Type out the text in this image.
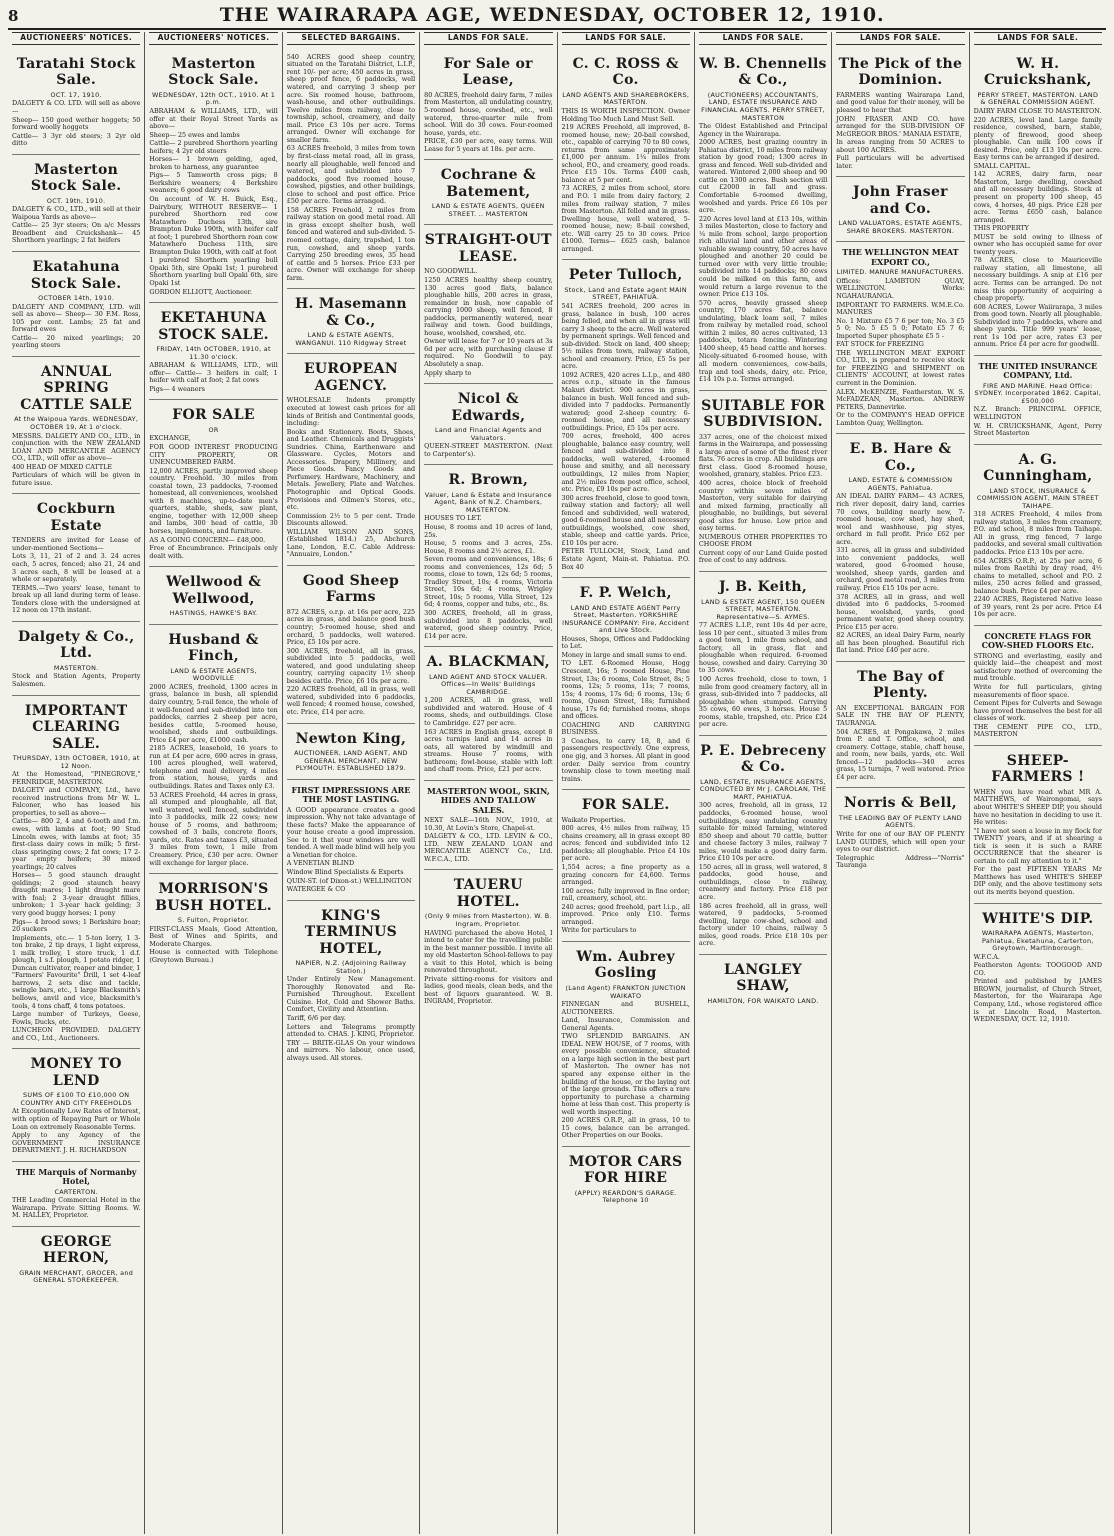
8	THE WAIRARAPA AGE, WEDNESDAY, OCTOBER 12, 1910.
AUCTIONEERS' NOTICES.
Taratahi Stock Sale.
OCT. 17, 1910.

DALGETY & CO. LTD. will sell as above—

Sheep— 150 good wether hoggets; 50 forward woolly hoggets

Cattle— 3 3yr old steers; 3 2yr old ditto

Masterton Stock Sale.
OCT. 19th, 1910.

DALGETY & CO., LTD., will sell at their Waipoua Yards as above—

Cattle— 25 3yr steers; On a/c Messrs Broadbent and Cruickshank— 45 Shorthorn yearlings; 2 fat heifers

Ekatahuna Stock Sale.
OCTOBER 14th, 1910.

DALGETY AND COMPANY, LTD. will sell as above— Sheep— 30 F.M. Ross, 105 per cent. Lambs; 25 fat and forward ewes

Cattle— 20 mixed yearlings; 20 yearling steers

ANNUAL SPRING CATTLE SALE
At the Waipoua Yards. WEDNESDAY, OCTOBER 19, At 1 o'clock.

MESSRS. DALGETY AND CO., LTD., in conjunction with the NEW ZEALAND LOAN AND MERCANTILE AGENCY CO., LTD., will offer as above—

400 HEAD OF MIXED CATTLE

Particulars of which will be given in future issue.

Cockburn Estate

TENDERS are invited for Lease of under-mentioned Sections—

Lots 3, 11, 21 of 2 and 3. 24 acres each, 5 acres, fenced; also 21, 24 and 3 acres each, 8 will be leased at a whole or separately.

TERMS.—Two years' lease, tenant to break up all land during term of lease. Tenders close with the undersigned at 12 noon on 17th instant.

Dalgety & Co., Ltd.
MASTERTON.

Stock and Station Agents, Property Salesmen.

IMPORTANT CLEARING SALE.
THURSDAY, 13th OCTOBER, 1910, at 12 Noon.

At the Homestead, "PINEGROVE," FERNRIDGE, MASTERTON.

DALGETY and COMPANY, Ltd., have received instructions from Mr W. L. Falconer, who has leased his properties, to sell as above—

Cattle— 800 2, 4 and 6-tooth and f.m. ewes, with lambs at foot; 90 Stud Lincoln ewes, with lambs at foot; 35 first-class dairy cows in milk; 5 first-class springing cows; 2 fat cows; 17 2-year empty heifers; 30 mixed yearlings; 20 calves

Horses— 5 good staunch draught geldings; 2 good staunch heavy draught mares; 1 light draught mare with foal; 2 3-year draught fillies, unbroken; 1 3-year hack gelding; 3 very good buggy horses; 1 pony

Pigs— 4 brood sows; 1 Berkshire boar; 20 suckers

Implements, etc.— 1 5-ton lorry, 1 3-ton brake, 2 tip drays, 1 light express, 1 milk trolley, 1 store truck, 1 d.f. plough, 1 s.f. plough, 1 potato ridger, 1 Duncan cultivator, reaper and binder, 1 "Farmers' Favourite" Drill, 1 set 4-leaf harrows, 2 sets disc and tackle, swingle bars, etc., 1 large Blacksmith's bellows, anvil and vice, blacksmith's tools, 4 tons chaff, 4 tons potatoes.

Large number of Turkeys, Geese, Fowls, Ducks, etc.

LUNCHEON PROVIDED. DALGETY and CO., Ltd., Auctioneers.

MONEY TO LEND
SUMS OF £100 TO £10,000 ON COUNTRY AND CITY FREEHOLDS

At Exceptionally Low Rates of Interest, with option of Repaying Part or Whole Loan on extremely Reasonable Terms.

Apply to any Agency of the GOVERNMENT INSURANCE DEPARTMENT. J. H. RICHARDSON

THE Marquis of Normanby Hotel,
CARTERTON.

THE Leading Commercial Hotel in the Wairarapa. Private Sitting Rooms. W. M. HALLEY, Proprietor.

GEORGE HERON,
GRAIN MERCHANT, GROCER, and GENERAL STOREKEEPER.
AUCTIONEERS' NOTICES.
Masterton Stock Sale.
WEDNESDAY, 12th OCT., 1910. At 1 p.m.

ABRAHAM & WILLIAMS, LTD., will offer at their Royal Street Yards as above—

Sheep— 25 ewes and lambs

Cattle— 2 purebred Shorthorn yearling heifers; 4 2yr old steers

Horses— 1 brown gelding, aged, broken to harness, any guarantee

Pigs— 5 Tamworth cross pigs; 8 Berkshire weaners; 4 Berkshire weaners; 6 good dairy cows

On account of W. H. Buick, Esq., Dairybury, WITHOUT RESERVE— 1 purebred Shorthorn red cow Matawhero Duchess 13th, sire Brampton Duke 190th, with heifer calf at foot; 1 purebred Shorthorn roan cow Matawhero Duchess 11th, sire Brampton Duke 190th, with calf at foot

1 purebred Shorthorn yearling bull Opaki 5th, sire Opaki 1st; 1 purebred Shorthorn yearling bull Opaki 6th, sire Opaki 1st

GORDON ELLIOTT, Auctioneer.

EKETAHUNA STOCK SALE.
FRIDAY, 14th OCTOBER, 1910, at 11.30 o'clock.

ABRAHAM & WILLIAMS, LTD., will offer— Cattle— 3 heifers in calf; 1 heifer with calf at foot; 2 fat cows

Pigs— 4 weaners

FOR SALE
OR

EXCHANGE,

FOR GOOD INTEREST PRODUCING CITY PROPERTY, OR UNENCUMBERED FARM.

12,000 ACRES, partly improved sheep country. Freehold. 30 miles from coastal town, 23 paddocks, 7-roomed homestead, all conveniences, woolshed with 8 machines, up-to-date men's quarters, stable, sheds, saw plant, engine, together with 12,000 sheep and lambs, 300 head of cattle, 30 horses, implements, and furniture.

AS A GOING CONCERN— £48,000.

Free of Encumbrance. Principals only dealt with.

Wellwood & Wellwood,
HASTINGS, HAWKE'S BAY.
Husband & Finch,
LAND & ESTATE AGENTS, WOODVILLE

2000 ACRES, freehold, 1300 acres in grass, balance in bush, all splendid dairy country, 5-rail fence, the whole of it well-fenced and sub-divided into ten paddocks, carries 2 sheep per acre, besides cattle, 5-roomed house, woolshed, sheds and outbuildings. Price £4 per acre, £1000 cash.

2185 ACRES, leasehold, 16 years to run at £4 per acre, 690 acres in grass, 100 acres ploughed, well watered, telephone and mail delivery, 4 miles from station, house, yards and outbuildings. Rates and Taxes only £3.

53 ACRES Freehold, 44 acres in grass, all stumped and ploughable, all flat, well watered, well fenced, subdivided into 3 paddocks, milk 22 cows; new house of 5 rooms, and bathroom; cowshed of 3 bails, concrete floors, yards, etc. Rates and taxes £3, situated 3 miles from town, 1 mile from Creamery. Price, £30 per acre. Owner will exchange for larger place.

MORRISON'S BUSH HOTEL.
S. Fulton, Proprietor.

FIRST-CLASS Meals, Good Attention, Best of Wines and Spirits, and Moderate Charges.

House is connected with Telephone (Greytown Bureau.)

SELECTED BARGAINS.

540 ACRES good sheep country, situated on the Taratahi District, L.I.P., rent 10/- per acre; 450 acres in grass, sheep proof fence, 6 paddocks, well watered, and carrying 3 sheep per acre. Six roomed house, bathroom, wash-house, and other outbuildings. Twelve miles from railway, close to township, school, creamery, and daily mail. Price £3 10s per acre. Terms arranged. Owner will exchange for smaller farm.

63 ACRES freehold, 3 miles from town by first-class metal road, all in grass, nearly all ploughable, well fenced and watered, and subdivided into 7 paddocks, good five roomed house, cowshed, pigsties, and other buildings, close to school and post office. Price £50 per acre. Terms arranged.

158 ACRES Freehold, 2 miles from railway station on good metal road. All in grass except shelter bush, well fenced and watered and sub-divided. 5-roomed cottage, dairy, trapshed, 1 ton run, cowshed, and sheep yards. Carrying 250 breeding ewes, 35 head of cattle and 5 horses. Price £33 per acre. Owner will exchange for sheep farm.

H. Masemann & Co.,
LAND & ESTATE AGENTS, WANGANUI. 110 Ridgway Street
EUROPEAN AGENCY.

WHOLESALE Indents promptly executed at lowest cash prices for all kinds of British and Continental goods, including:

Books and Stationery. Boots, Shoes, and Leather. Chemicals and Druggists' Sundries. China, Earthenware and Glassware. Cycles, Motors and Accessories. Drapery, Millinery, and Piece Goods. Fancy Goods and Perfumery. Hardware, Machinery, and Metals. Jewellery, Plate and Watches. Photographic and Optical Goods. Provisions and Oilmen's Stores, etc., etc.

Commission 2½ to 5 per cent. Trade Discounts allowed.

WILLIAM WILSON AND SONS, (Established 1814.) 25, Abchurch Lane, London, E.C. Cable Address: "Annuaire, London."

Good Sheep Farms

872 ACRES, o.r.p. at 16s per acre, 225 acres in grass, and balance good bush country; 5-roomed house, shed and orchard, 5 paddocks, well watered. Price, £5 10s per acre.

300 ACRES, freehold, all in grass, subdivided into 5 paddocks, well watered, and good undulating sheep country, carrying capacity 1½ sheep besides cattle. Price, £6 10s per acre.

220 ACRES freehold, all in grass, well watered, subdivided into 6 paddocks, well fenced; 4 roomed house, cowshed, etc. Price, £14 per acre.

Newton King,
AUCTIONEER, LAND AGENT, AND GENERAL MERCHANT, NEW PLYMOUTH. ESTABLISHED 1879.
FIRST IMPRESSIONS ARE THE MOST LASTING.

A GOOD appearance creates a good impression. Why not take advantage of these facts? Make the appearance of your house create a good impression. See to it that your windows are well tended. A well made blind will help you a Venetian for choice.

A VENETIAN BLIND

Window Blind Specialists & Experts

QUIN-ST. (of Dixon-st.) WELLINGTON

WATERGEE & CO

KING'S TERMINUS HOTEL,
NAPIER, N.Z. (Adjoining Railway Station.)

Under Entirely New Management. Thoroughly Renovated and Re-Furnished Throughout. Excellent Cuisine. Hot, Cold and Shower Baths. Comfort, Civility and Attention.

Tariff, 6/6 per day.

Letters and Telegrams promptly attended to. CHAS. J. KING, Proprietor.

TRY — BRITE-GLAS On your windows and mirrors. No labour, once used, always used. All stores.

LANDS FOR SALE.
For Sale or Lease,

80 ACRES, freehold dairy farm, 7 miles from Masterton, all undulating country, 5-roomed house, cowshed, etc., well watered, three-quarter mile from school. Will do 30 cows. Four-roomed house, yards, etc.

PRICE, £30 per acre, easy terms. Will Lease for 5 years at 18s. per acre.

Cochrane & Batement,
LAND & ESTATE AGENTS, QUEEN STREET. .. MASTERTON
STRAIGHT-OUT LEASE.

NO GOODWILL.

1250 ACRES healthy sheep country, 130 acres good flats, balance ploughable hills, 200 acres in grass, remainder in bush, now capable of carrying 1000 sheep, well fenced, 8 paddocks, permanently watered, near railway and town. Good buildings, house, woolshed, cowshed, etc.

Owner will lease for 7 or 10 years at 3s 6d per acre, with purchasing clause if required. No Goodwill to pay. Absolutely a snap.

Apply sharp to

Nicol & Edwards,
Land and Financial Agents and Valuators.

QUEEN-STREET MASTERTON. (Next to Carpenter's).

R. Brown,
Valuer, Land & Estate and Insurance Agent, Bank of N.Z. Chambers, MASTERTON.

HOUSES TO LET.

House, 8 rooms and 10 acres of land, 25s.

House, 5 rooms and 3 acres, 25s. House, 8 rooms and 2½ acres, £1.

Seven rooms and conveniences, 18s; 6 rooms and conveniences, 12s 6d; 5 rooms, close to town, 12s 6d; 5 rooms, Tradley Street, 10s; 4 rooms, Victoria Street, 10s 6d; 4 rooms, Wrigley Street, 10s; 5 rooms, Villa Street, 12s 6d; 4 rooms, copper and tubs, etc., 8s.

300 ACRES, freehold, all in grass, subdivided into 8 paddocks, well watered, good sheep country. Price, £14 per acre.

A. BLACKMAN,
LAND AGENT AND STOCK VALUER. Offices—In Wells' Buildings CAMBRIDGE.

1,200 ACRES, all in grass, well subdivided and watered. House of 4 rooms, sheds, and outbuildings. Close to Cambridge. £27 per acre.

163 ACRES in English grass, except 8 acres turnips land and 14 acres in oats, all watered by windmill and streams. House 7 rooms, with bathroom; fowl-house, stable with loft and chaff room. Price, £21 per acre.

MASTERTON WOOL, SKIN, HIDES AND TALLOW SALES.

NEXT SALE—16th NOV., 1910, at 10.30, At Lovin's Store, Chapel-st.

DALGETY & CO., LTD. LEVIN & CO., LTD. NEW ZEALAND LOAN and MERCANTILE AGENCY Co., Ltd. W.F.C.A., LTD.

TAUERU HOTEL.
(Only 9 miles from Masterton). W. B. Ingram, Proprietor.

HAVING purchased the above Hotel, I intend to cater for the travelling public in the best manner possible. I invite all my old Masterton School-fellows to pay a visit to this Hotel, which is being renovated throughout.

Private sitting-rooms for visitors and ladies, good meals, clean beds, and the best of liquors guaranteed. W. B. INGRAM, Proprietor.

LANDS FOR SALE.
C. C. ROSS & Co.
LAND AGENTS AND SHAREBROKERS, MASTERTON.

THIS IS WORTH INSPECTION. Owner Holding Too Much Land Must Sell.

219 ACRES Freehold, all improved, 8-roomed house, new; 20-bail cowshed, etc., capable of carrying 70 to 80 cows, returns from same approximately £1,000 per annum. 1¼ miles from school, P.O., and creamery, good roads. Price £15 10s. Terms £400 cash, balance at 5 per cent.

73 ACRES, 2 miles from school, store and P.O. 1 mile from dairy factory, 2 miles from railway station, 7 miles from Masterton. All felled and in grass. Dwelling house, well watered, 5-roomed house, new; 8-bail cowshed, etc. Will carry 25 to 30 cows. Price £1000. Terms— £625 cash, balance arranged.

Peter Tulloch,
Stock, Land and Estate agent MAIN STREET, PAHIATUA.

541 ACRES freehold, 200 acres in grass, balance in bush, 100 acres being felled, and when all in grass will carry 3 sheep to the acre. Well watered by permanent springs. Well fenced and sub-divided. Stock on land, 400 sheep; 5½ miles from town, railway station, school and creamery. Price, £5 5s per acre.

1092 ACRES, 420 acres L.I.p., and 480 acres o.r.p., situate in the famous Makuri district. 900 acres in grass, balance in bush. Well fenced and sub-divided into 7 paddocks. Permanently watered; good 2-sheep country. 6-roomed house, and all necessary outbuildings. Price, £5 15s per acre.

709 acres, freehold, 400 acres ploughable, balance easy country, well fenced and sub-divided into 8 paddocks, well watered, 4-roomed house and smithy, and all necessary outbuildings, 12 miles from Napier, and 2½ miles from post office, school, etc. Price, £9 10s per acre.

300 acres freehold, close to good town, railway station and factory; all well fenced and subdivided, well watered, good 6-roomed house and all necessary outbuildings, woolshed, cow shed, stable, sheep and cattle yards. Price, £10 10s per acre.

PETER TULLOCH, Stock, Land and Estate Agent, Main-st. Pahiatua. P.O. Box 40

F. P. Welch,
LAND AND ESTATE AGENT Perry Street, Masterton. YORKSHIRE INSURANCE COMPANY: Fire, Accident and Live Stock.

Houses, Shops, Offices and Paddocking to Let.

Money in large and small sums to end.

TO LET. 6-Roomed House, Hogg Crescent, 16s; 5 roomed House, Pine Street, 13s; 6 rooms, Cole Street, 8s; 5 rooms, 12s; 5 rooms, 11s; 7 rooms, 15s; 4 rooms, 17s 6d; 6 rooms, 13s; 6 rooms, Queen Street, 18s; furnished house, 17s 6d; furnished rooms, shops and offices.

COACHING AND CARRYING BUSINESS.

3 Coaches, to carry 18, 8, and 6 passengers respectively. One express, one gig, and 3 horses. All plant in good order. Daily service from country township close to town meeting mail trains.

FOR SALE.

Waikato Properties.

800 acres, 4½ miles from railway, 15 chains creamery, all in grass except 80 acres; fenced and subdivided into 12 paddocks; all ploughable. Price £4 10s per acre.

1,554 acres; a fine property as a grazing concern for £4,600. Terms arranged.

100 acres; fully improved in fine order; rail, creamery, school, etc.

240 acres; good freehold, part l.i.p., all improved. Price only £10. Terms arranged.

Write for particulars to

Wm. Aubrey Gosling
(Land Agent) FRANKTON JUNCTION WAIKATO

FINNEGAN and BUSHELL, AUCTIONEERS.

Land, Insurance, Commission and General Agents.

TWO SPLENDID BARGAINS. AN IDEAL NEW HOUSE, of 7 rooms, with every possible convenience, situated on a large high section in the best part of Masterton. The owner has not spared any expense either in the building of the house, or the laying out of the large grounds. This offers a rare opportunity to purchase a charming home at less than cost. This property is well worth inspecting.

200 ACRES O.R.P., all in grass, 10 to 15 cows, balance can be arranged. Other Properties on our Books.

MOTOR CARS FOR HIRE
(APPLY) REARDON'S GARAGE. Telephone 10
LANDS FOR SALE.
W. B. Chennells & Co.,
(AUCTIONEERS) ACCOUNTANTS, LAND, ESTATE INSURANCE AND FINANCIAL AGENTS. PERRY STREET, MASTERTON

The Oldest Established and Principal Agency in the Wairarapa.

2000 ACRES, best grazing country in Pahiatua district, 10 miles from railway station by good road; 1300 acres in grass and fenced. Well sub-divided and watered. Wintered 2,000 sheep and 90 cattle on 1300 acres. Bush section will cut £2000 in fall and grass. Comfortable 6-roomed dwelling, woolshed and yards. Price £6 10s per acre.

220 Acres level land at £13 10s, within 3 miles Masterton, close to factory and ¼ mile from school, large proportion rich alluvial land and other areas of valuable swamp country, 50 acres have ploughed and another 20 could be turned over with very little trouble; subdivided into 14 paddocks; 80 cows could be milked on this farm, and would return a large revenue to the owner. Price £13 10s.

570 acres, heavily grassed sheep country, 170 acres flat, balance undulating, black loam soil, 7 miles from railway by metalled road, school within 2 miles, 80 acres cultivated, 13 paddocks, totara fencing. Wintering 1400 sheep, 45 head cattle and horses.

Nicely-situated 6-roomed house, with all modern conveniences, cow-bails, trap and tool sheds, dairy, etc. Price, £14 10s p.a. Terms arranged.

SUITABLE FOR SUBDIVISION.

337 acres, one of the choicest mixed farms in the Wairarapa, and possessing a large area of some of the finest river flats. 76 acres in crop. All buildings are first class. Good 8-roomed house, woolshed, granary, stables. Price £23.

400 acres, choice block of freehold country within seven miles of Masterton, very suitable for dairying and mixed farming, practically all ploughable, no buildings, but several good sites for house. Low price and easy terms.

NUMEROUS OTHER PROPERTIES TO CHOOSE FROM

Current copy of our Land Guide posted free of cost to any address.

J. B. Keith,
LAND & ESTATE AGENT, 150 QUEEN STREET, MASTERTON. Representative—S. AYMES.

77 ACRES L.I.P., rent 10s 4d per acre, less 10 per cent., situated 3 miles from a good town, 1 mile from school, and factory, all in grass, flat and ploughable when required. 6-roomed house, cowshed and dairy. Carrying 30 to 35 cows.

100 Acres freehold, close to town, 1 mile from good creamery factory, all in grass, sub-divided into 7 paddocks, all ploughable when stumped. Carrying 35 cows, 60 ewes, 3 horses. House 5 rooms, stable, trapshed, etc. Price £24 per acre.

P. E. Debreceny & Co.
LAND, ESTATE, INSURANCE AGENTS, CONDUCTED BY Mr J. CAROLAN, THE MART, PAHIATUA.

300 acres, freehold, all in grass, 12 paddocks, 6-roomed house, wool outbuildings, easy undulating country suitable for mixed farming, wintered 850 sheep and about 70 cattle, butter and cheese factory 3 miles, railway 7 miles, would make a good dairy farm. Price £10 10s per acre.

150 acres, all in grass, well watered, 8 paddocks, good house, and outbuildings, close to railway, creamery and factory. Price £18 per acre.

186 acres freehold, all in grass, well watered, 9 paddocks, 5-roomed dwelling, large cow-shed, school and factory under 10 chains, railway 5 miles, good roads. Price £18 10s per acre.

LANGLEY SHAW,
HAMILTON, FOR WAIKATO LAND.
LANDS FOR SALE.
The Pick of the Dominion.

FARMERS wanting Wairarapa Land, and good value for their money, will be pleased to hear that

JOHN FRASER AND CO. have arranged for the SUB-DIVISION OF McGREGOR BROS.' MANAIA ESTATE,

In areas ranging from 50 ACRES to about 100 ACRES.

Full particulars will be advertised later.

John Fraser and Co.
LAND VALUATORS, ESTATE AGENTS, SHARE BROKERS. MASTERTON.
THE WELLINGTON MEAT EXPORT CO.,
LIMITED. MANURE MANUFACTURERS.

Offices: LAMBTON QUAY, WELLINGTON. Works: NGAHAURANGA.

IMPORTANT TO FARMERS. W.M.E.Co. MANURES

No. 1 Mixture £5 7 6 per ton; No. 3 £5 5 0; No. 5 £5 5 0; Potato £5 7 6; Imported Super phosphate £5 5 -

FAT STOCK for FREEZING

THE WELLINGTON MEAT EXPORT CO., LTD., is prepared to receive stock for FREEZING and SHIPMENT on CLIENTS' ACCOUNT, at lowest rates current in the Dominion.

ALEX. McKENZIE, Featherston. W. S. McFADZEAN, Masterton. ANDREW PETERS, Dannevirke.

Or to the COMPANY'S HEAD OFFICE Lambton Quay, Wellington.

E. B. Hare & Co.,
LAND, ESTATE & COMMISSION AGENTS, Pahiatua.

AN IDEAL DAIRY FARM— 43 ACRES, rich river deposit, dairy land, carries 70 cows, building nearly new, 7-roomed house, cow shed, hay shed, wool and washhouse, pig styes, orchard in full profit. Price £62 per acre.

331 acres, all in grass and subdivided into convenient paddocks, well watered, good 6-roomed house, woolshed, sheep yards, garden and orchard, good metal road, 3 miles from railway. Price £15 10s per acre.

378 ACRES, all in grass, and well divided into 6 paddocks, 5-roomed house, woolshed, yards, good permanent water, good sheep country. Price £15 per acre.

82 ACRES, an ideal Dairy Farm, nearly all has been ploughed. Beautiful rich flat land. Price £40 per acre.

The Bay of Plenty.

AN EXCEPTIONAL BARGAIN FOR SALE IN THE BAY OF PLENTY, TAURANGA.

504 ACRES, at Pongakawa, 2 miles from P. and T. Office, school, and creamery. Cottage, stable, chaff house, and room, new bails, yards, etc. Well fenced—12 paddocks—340 acres grass, 15 turnips, 7 well watered. Price £4 per acre.

Norris & Bell,
THE LEADING BAY OF PLENTY LAND AGENTS.

Write for one of our BAY OF PLENTY LAND GUIDES, which will open your eyes to our district.

Telegraphic Address—"Norris" Tauranga

LANDS FOR SALE.
W. H. Cruickshank,
PERRY STREET, MASTERTON. LAND & GENERAL COMMISSION AGENT.

DAIRY FARM CLOSE TO MASTERTON.

220 ACRES, level land. Large family residence, cowshed, barn, stable, plenty of firewood, good sheep ploughable. Can milk 100 cows if desired. Price, only £13 10s per acre. Easy terms can be arranged if desired.

SMALL CAPITAL.

142 ACRES, dairy farm, near Masterton, large dwelling, cowshed and all necessary buildings. Stock at present on property 100 sheep, 45 cows, 4 horses, 40 pigs. Price £28 per acre. Terms £650 cash, balance arranged.

THIS PROPERTY

MUST be sold owing to illness of owner who has occupied same for over twenty years.

78 ACRES, close to Mauriceville railway station, all limestone, all necessary buildings. A snip at £16 per acre. Terms can be arranged. Do not miss this opportunity of acquiring a cheap property.

608 ACRES, Lower Waiirarapa, 3 miles from good town. Nearly all ploughable. Subdivided into 7 paddocks, where and sheep yards. Title 999 years' lease, rent 1s 10d per acre, rates £3 per annum. Price £4 per acre for goodwill.

THE UNITED INSURANCE COMPANY, Ltd.
FIRE AND MARINE. Head Office: SYDNEY. Incorporated 1862. Capital, £500,000

N.Z. Branch: PRINCIPAL OFFICE, WELLINGTON

W. H. CRUICKSHANK, Agent, Perry Street Masterton

A. G. Cunningham,
LAND STOCK, INSURANCE & COMMISSION AGENT, MAIN STREET TAIHAPE.

318 ACRES Freehold, 4 miles from railway station, 3 miles from creamery, P.O. and school, 8 miles from Taihape. All in grass, ring fenced, 7 large paddocks, and several small cultivation paddocks. Price £13 10s per acre.

654 ACRES O.R.P., at 25s per acre, 6 miles from Raetihi by dray road, 4½ chains to metalled, school and P.O. 2 miles, 250 acres felled and grassed, balance bush. Price £4 per acre.

2240 ACRES, Registered Native lease of 39 years, rent 2s per acre. Price £4 10s per acre.

CONCRETE FLAGS FOR COW-SHED FLOORS Etc.

STRONG and everlasting, easily and quickly laid—the cheapest and most satisfactory method of overcoming the mud trouble.

Write for full particulars, giving measurements of floor space.

Cement Pipes for Culverts and Sewage have proved themselves the best for all classes of work.

THE CEMENT PIPE CO., LTD., MASTERTON

SHEEP-FARMERS !

WHEN you have read what MR A. MATTHEWS, of Wairongomai, says about WHITE'S SHEEP DIP, you should have no hesitation in deciding to use it. He writes:

"I have not seen a louse in my flock for TWENTY years, and if at shearing a tick is seen it is such a RARE OCCURRENCE that the shearer is certain to call my attention to it."

For the past FIFTEEN YEARS Mr Matthews has used WHITE'S SHEEP DIP only, and the above testimony sets out its merits beyond question.

WHITE'S DIP.
WAIRARAPA AGENTS, Masterton, Pahiatua, Eketahuna, Carterton, Greytown, Martinborough.

W.F.C.A.

Featherston Agents: TOOGOOD AND CO.

Printed and published by JAMES BROWN, journalist, of Church Street, Masterton, for the Wairarapa Age Company, Ltd., whose registered office is at Lincoln Road, Masterton. WEDNESDAY, OCT. 12, 1910.
